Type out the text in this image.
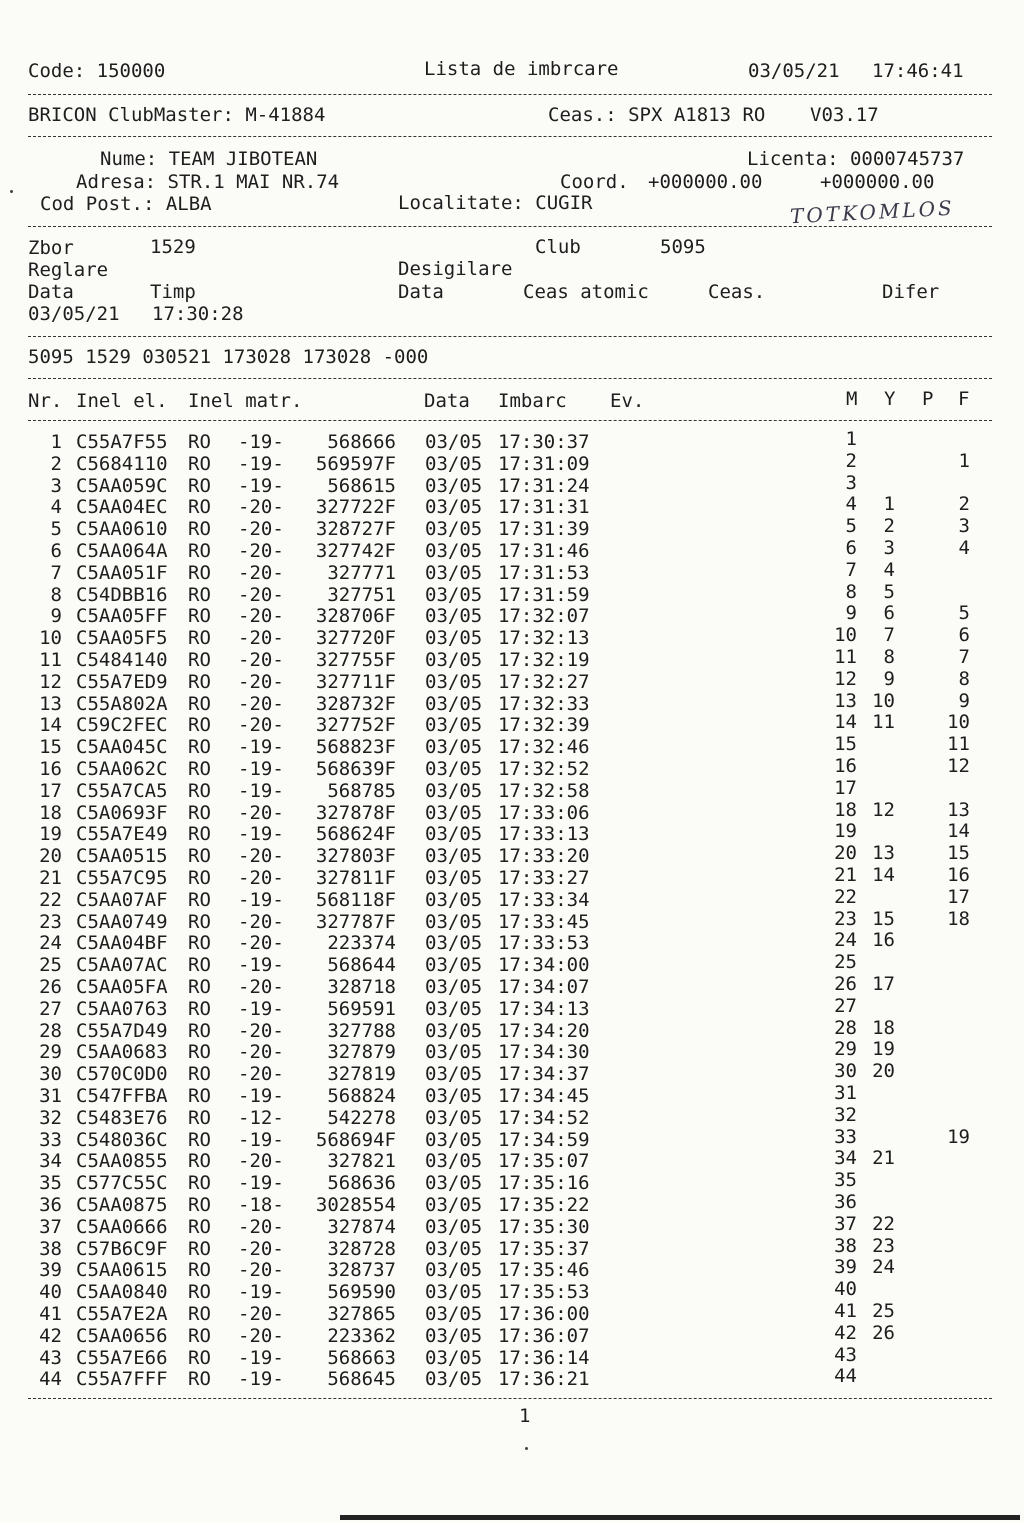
Code: 150000	Lista de imbrcare	03/05/21 17:46:41
BRICON ClubMaster: M-41884	Ceas.: SPX A1813 RO V03.17
Nume: TEAM JIBOTEAN	Licenta: 0000745737
Adresa: STR.1 MAI NR.74	Coord. +000000.00	+000000.00
Cod Post.: ALBA	Localitate: CUGIR	TOTKOMLOS
Zbor	1529	Club	5095
Reglare	Desigilare
Data	Timp	Data	Ceas atomic	Ceas.	Difer
03/05/21 17:30:28
5095 1529 030521 173028 173028 -000
Nr. Inel el. Inel matr.	Data Imbarc Ev.	M Y P F
1 C55A7F55 RO -19- 568666 03/05 17:30:37	1
2 C5684110 RO -19- 569597F 03/05 17:31:09	2	1
3 C5AA059C RO -19- 568615 03/05 17:31:24	3
4 C5AA04EC RO -20- 327722F 03/05 17:31:31	4 1	2
5 C5AA0610 RO -20- 328727F 03/05 17:31:39	5 2	3
6 C5AA064A RO -20- 327742F 03/05 17:31:46	6 3	4
7 C5AA051F RO -20- 327771 03/05 17:31:53	7 4
8 C54DBB16 RO -20- 327751 03/05 17:31:59	8 5
9 C5AA05FF RO -20- 328706F 03/05 17:32:07	9 6	5
10 C5AA05F5 RO -20- 327720F 03/05 17:32:13	10 7	6
11 C5484140 RO -20- 327755F 03/05 17:32:19	11 8	7
12 C55A7ED9 RO -20- 327711F 03/05 17:32:27	12 9	8
13 C55A802A RO -20- 328732F 03/05 17:32:33	13 10	9
14 C59C2FEC RO -20- 327752F 03/05 17:32:39	14 11	10
15 C5AA045C RO -19- 568823F 03/05 17:32:46	15	11
16 C5AA062C RO -19- 568639F 03/05 17:32:52	16	12
17 C55A7CA5 RO -19- 568785 03/05 17:32:58	17
18 C5A0693F RO -20- 327878F 03/05 17:33:06	18 12	13
19 C55A7E49 RO -19- 568624F 03/05 17:33:13	19	14
20 C5AA0515 RO -20- 327803F 03/05 17:33:20	20 13	15
21 C55A7C95 RO -20- 327811F 03/05 17:33:27	21 14	16
22 C5AA07AF RO -19- 568118F 03/05 17:33:34	22	17
23 C5AA0749 RO -20- 327787F 03/05 17:33:45	23 15	18
24 C5AA04BF RO -20- 223374 03/05 17:33:53	24 16
25 C5AA07AC RO -19- 568644 03/05 17:34:00	25
26 C5AA05FA RO -20- 328718 03/05 17:34:07	26 17
27 C5AA0763 RO -19- 569591 03/05 17:34:13	27
28 C55A7D49 RO -20- 327788 03/05 17:34:20	28 18
29 C5AA0683 RO -20- 327879 03/05 17:34:30	29 19
30 C570C0D0 RO -20- 327819 03/05 17:34:37	30 20
31 C547FFBA RO -19- 568824 03/05 17:34:45	31
32 C5483E76 RO -12- 542278 03/05 17:34:52	32
33 C548036C RO -19- 568694F 03/05 17:34:59	33	19
34 C5AA0855 RO -20- 327821 03/05 17:35:07	34 21
35 C577C55C RO -19- 568636 03/05 17:35:16	35
36 C5AA0875 RO -18- 3028554 03/05 17:35:22	36
37 C5AA0666 RO -20- 327874 03/05 17:35:30	37 22
38 C57B6C9F RO -20- 328728 03/05 17:35:37	38 23
39 C5AA0615 RO -20- 328737 03/05 17:35:46	39 24
40 C5AA0840 RO -19- 569590 03/05 17:35:53	40
41 C55A7E2A RO -20- 327865 03/05 17:36:00	41 25
42 C5AA0656 RO -20- 223362 03/05 17:36:07	42 26
43 C55A7E66 RO -19- 568663 03/05 17:36:14	43
44 C55A7FFF RO -19- 568645 03/05 17:36:21	44
1
